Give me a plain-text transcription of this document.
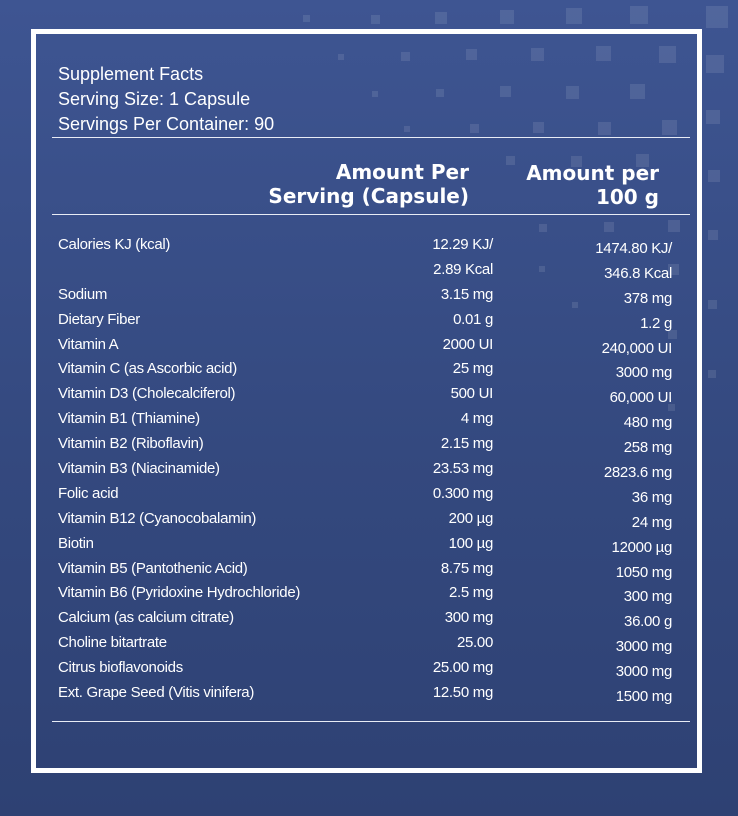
Supplement Facts
Serving Size: 1 Capsule
Servings Per Container: 90
Amount Per
Serving (Capsule)
Amount per
100 g
Calories KJ (kcal)	12.29 KJ/	1474.80 KJ/
2.89 Kcal	346.8 Kcal
Sodium	3.15 mg	378 mg
Dietary Fiber	0.01 g	1.2 g
Vitamin A	2000 UI	240,000 UI
Vitamin C (as Ascorbic acid)	25 mg	3000 mg
Vitamin D3 (Cholecalciferol)	500 UI	60,000 UI
Vitamin B1 (Thiamine)	4 mg	480 mg
Vitamin B2 (Riboflavin)	2.15 mg	258 mg
Vitamin B3 (Niacinamide)	23.53 mg	2823.6 mg
Folic acid	0.300 mg	36 mg
Vitamin B12 (Cyanocobalamin)	200 µg	24 mg
Biotin	100 µg	12000 µg
Vitamin B5 (Pantothenic Acid)	8.75 mg	1050 mg
Vitamin B6 (Pyridoxine Hydrochloride)	2.5 mg	300 mg
Calcium (as calcium citrate)	300 mg	36.00 g
Choline bitartrate	25.00	3000 mg
Citrus bioflavonoids	25.00 mg	3000 mg
Ext. Grape Seed (Vitis vinifera)	12.50 mg	1500 mg
